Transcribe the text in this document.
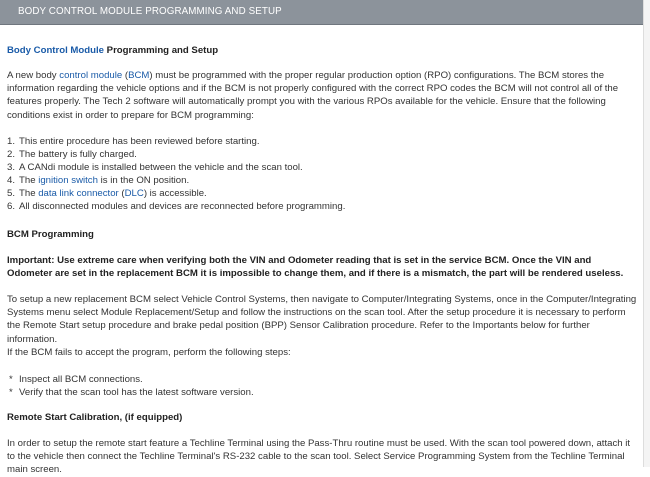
BODY CONTROL MODULE PROGRAMMING AND SETUP
Body Control Module Programming and Setup

A new body control module (BCM) must be programmed with the proper regular production option (RPO) configurations. The BCM stores the information regarding the vehicle options and if the BCM is not properly configured with the correct RPO codes the BCM will not control all of the features properly. The Tech 2 software will automatically prompt you with the various RPOs available for the vehicle. Ensure that the following conditions exist in order to prepare for BCM programming:

1. This entire procedure has been reviewed before starting.
2. The battery is fully charged.
3. A CANdi module is installed between the vehicle and the scan tool.
4. The ignition switch is in the ON position.
5. The data link connector (DLC) is accessible.
6. All disconnected modules and devices are reconnected before programming.
BCM Programming

Important: Use extreme care when verifying both the VIN and Odometer reading that is set in the service BCM. Once the VIN and Odometer are set in the replacement BCM it is impossible to change them, and if there is a mismatch, the part will be rendered useless.

To setup a new replacement BCM select Vehicle Control Systems, then navigate to Computer/Integrating Systems, once in the Computer/Integrating Systems menu select Module Replacement/Setup and follow the instructions on the scan tool. After the setup procedure it is necessary to perform the Remote Start setup procedure and brake pedal position (BPP) Sensor Calibration procedure. Refer to the Importants below for further information.

If the BCM fails to accept the program, perform the following steps:

* Inspect all BCM connections.
* Verify that the scan tool has the latest software version.
Remote Start Calibration, (if equipped)

In order to setup the remote start feature a Techline Terminal using the Pass-Thru routine must be used. With the scan tool powered down, attach it to the vehicle then connect the Techline Terminal's RS-232 cable to the scan tool. Select Service Programming System from the Techline Terminal main screen.
